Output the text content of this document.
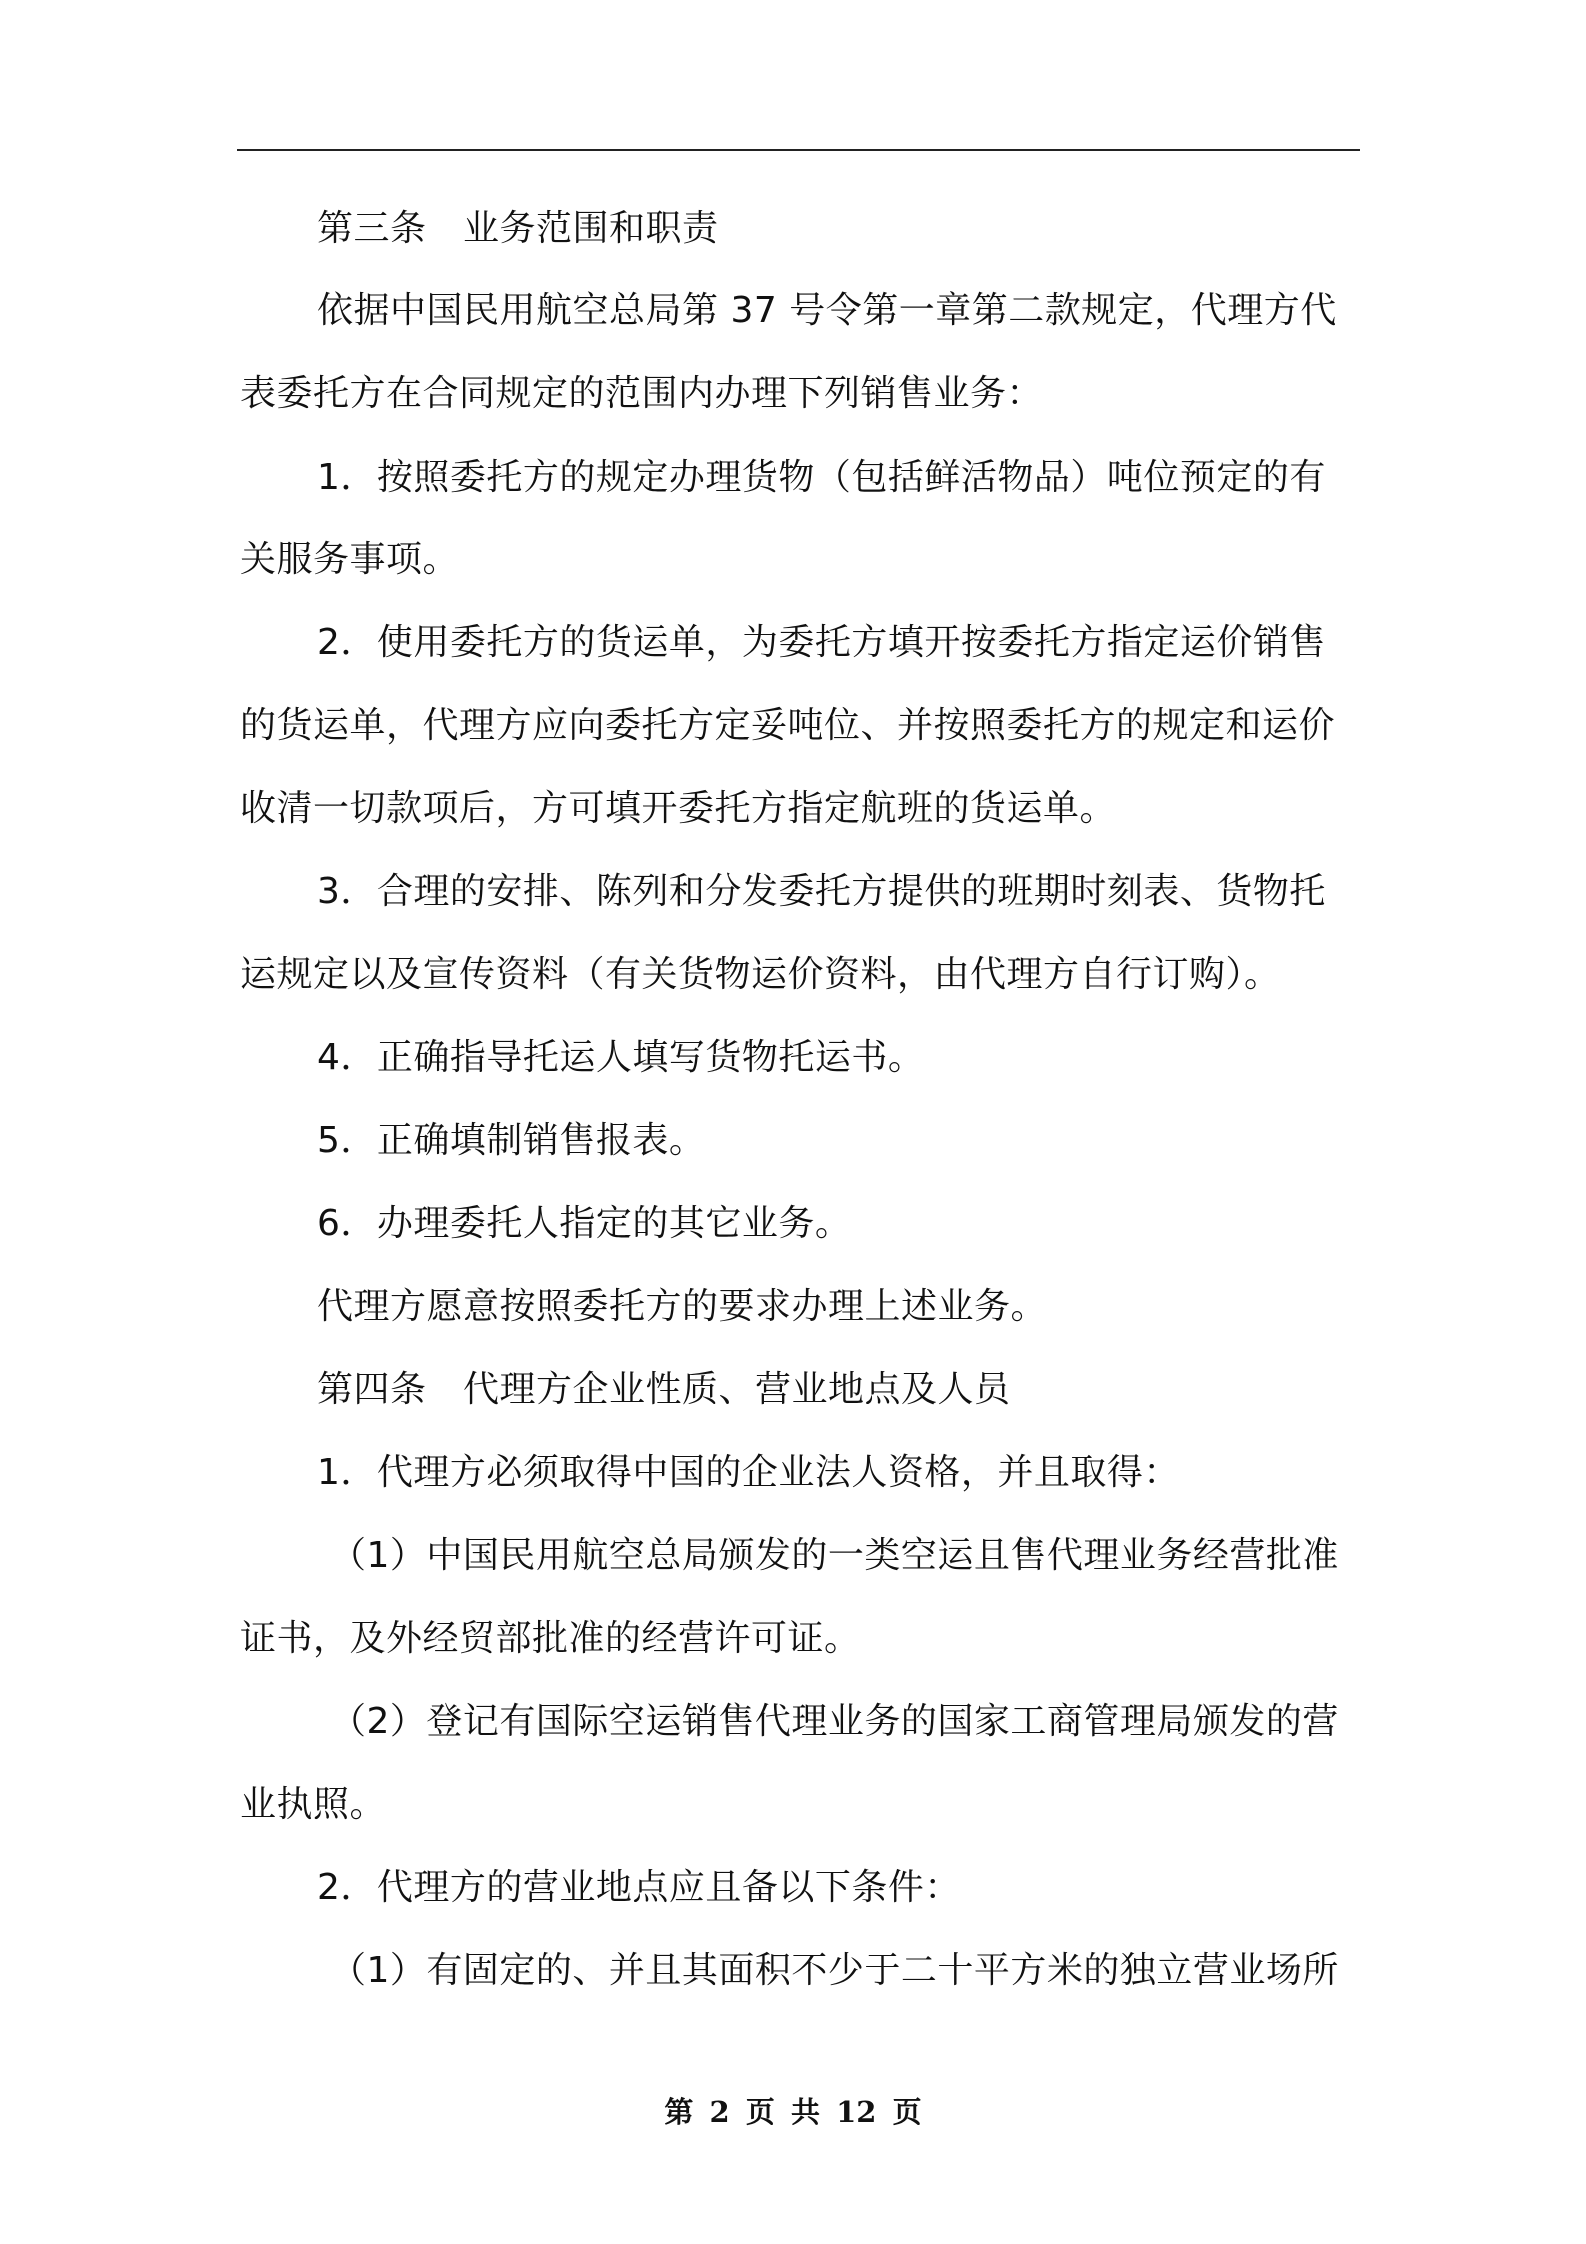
第三条　业务范围和职责
依据中国民用航空总局第 37 号令第一章第二款规定，代理方代
表委托方在合同规定的范围内办理下列销售业务：
1．按照委托方的规定办理货物（包括鲜活物品）吨位预定的有
关服务事项。
2．使用委托方的货运单，为委托方填开按委托方指定运价销售
的货运单，代理方应向委托方定妥吨位、并按照委托方的规定和运价
收清一切款项后，方可填开委托方指定航班的货运单。
3．合理的安排、陈列和分发委托方提供的班期时刻表、货物托
运规定以及宣传资料（有关货物运价资料，由代理方自行订购）。
4．正确指导托运人填写货物托运书。
5．正确填制销售报表。
6．办理委托人指定的其它业务。
代理方愿意按照委托方的要求办理上述业务。
第四条　代理方企业性质、营业地点及人员
1．代理方必须取得中国的企业法人资格，并且取得：
（1）中国民用航空总局颁发的一类空运且售代理业务经营批准
证书，及外经贸部批准的经营许可证。
（2）登记有国际空运销售代理业务的国家工商管理局颁发的营
业执照。
2．代理方的营业地点应且备以下条件：
（1）有固定的、并且其面积不少于二十平方米的独立营业场所
第 2 页 共 12 页
